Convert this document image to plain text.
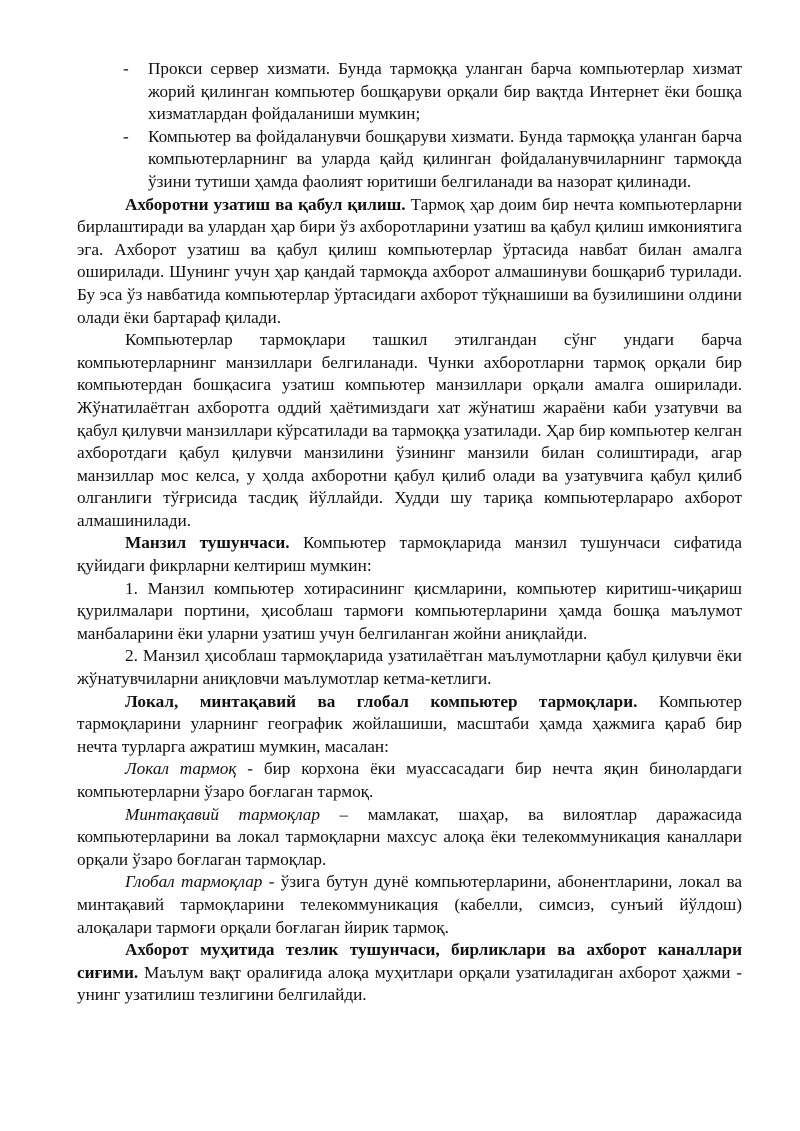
- Прокси сервер хизмати. Бунда тармоққа уланган барча компьютерлар хизмат жорий қилинган компьютер бошқаруви орқали бир вақтда Интернет ёки бошқа хизматлардан фойдаланиши мумкин;

- Компьютер ва фойдаланувчи бошқаруви хизмати. Бунда тармоққа уланган барча компьютерларнинг ва уларда қайд қилинган фойдаланувчиларнинг тармоқда ўзини тутиши ҳамда фаолият юритиши белгиланади ва назорат қилинади.

Ахборотни узатиш ва қабул қилиш. Тармоқ ҳар доим бир нечта компьютерларни бирлаштиради ва улардан ҳар бири ўз ахборотларини узатиш ва қабул қилиш имкониятига эга. Ахборот узатиш ва қабул қилиш компьютерлар ўртасида навбат билан амалга оширилади. Шунинг учун ҳар қандай тармоқда ахборот алмашинуви бошқариб турилади. Бу эса ўз навбатида компьютерлар ўртасидаги ахборот тўқнашиши ва бузилишини олдини олади ёки бартараф қилади.

Компьютерлар тармоқлари ташкил этилгандан сўнг ундаги барча компьютерларнинг манзиллари белгиланади. Чунки ахборотларни тармоқ орқали бир компьютердан бошқасига узатиш компьютер манзиллари орқали амалга оширилади. Жўнатилаётган ахборотга оддий ҳаётимиздаги хат жўнатиш жараёни каби узатувчи ва қабул қилувчи манзиллари кўрсатилади ва тармоққа узатилади. Ҳар бир компьютер келган ахборотдаги қабул қилувчи манзилини ўзининг манзили билан солиштиради, агар манзиллар мос келса, у ҳолда ахборотни қабул қилиб олади ва узатувчига қабул қилиб олганлиги тўғрисида тасдиқ йўллайди. Худди шу тариқа компьютерлараро ахборот алмашинилади.

Манзил тушунчаси. Компьютер тармоқларида манзил тушунчаси сифатида қуйидаги фикрларни келтириш мумкин:

1. Манзил компьютер хотирасининг қисмларини, компьютер киритиш-чиқариш қурилмалари портини, ҳисоблаш тармоғи компьютерларини ҳамда бошқа маълумот манбаларини ёки уларни узатиш учун белгиланган жойни аниқлайди.

2. Манзил ҳисоблаш тармоқларида узатилаётган маълумотларни қабул қилувчи ёки жўнатувчиларни аниқловчи маълумотлар кетма-кетлиги.

Локал, минтақавий ва глобал компьютер тармоқлари. Компьютер тармоқларини уларнинг географик жойлашиши, масштаби ҳамда ҳажмига қараб бир нечта турларга ажратиш мумкин, масалан:

Локал тармоқ - бир корхона ёки муассасадаги бир нечта яқин бинолардаги компьютерларни ўзаро боғлаган тармоқ.

Минтақавий тармоқлар – мамлакат, шаҳар, ва вилоятлар даражасида компьютерларини ва локал тармоқларни махсус алоқа ёки телекоммуникация каналлари орқали ўзаро боғлаган тармоқлар.

Глобал тармоқлар - ўзига бутун дунё компьютерларини, абонентларини, локал ва минтақавий тармоқларини телекоммуникация (кабелли, симсиз, сунъий йўлдош) алоқалари тармоғи орқали боғлаган йирик тармоқ.

Ахборот муҳитида тезлик тушунчаси, бирликлари ва ахборот каналлари сиғими. Маълум вақт оралиғида алоқа муҳитлари орқали узатиладиган ахборот ҳажми - унинг узатилиш тезлигини белгилайди.
